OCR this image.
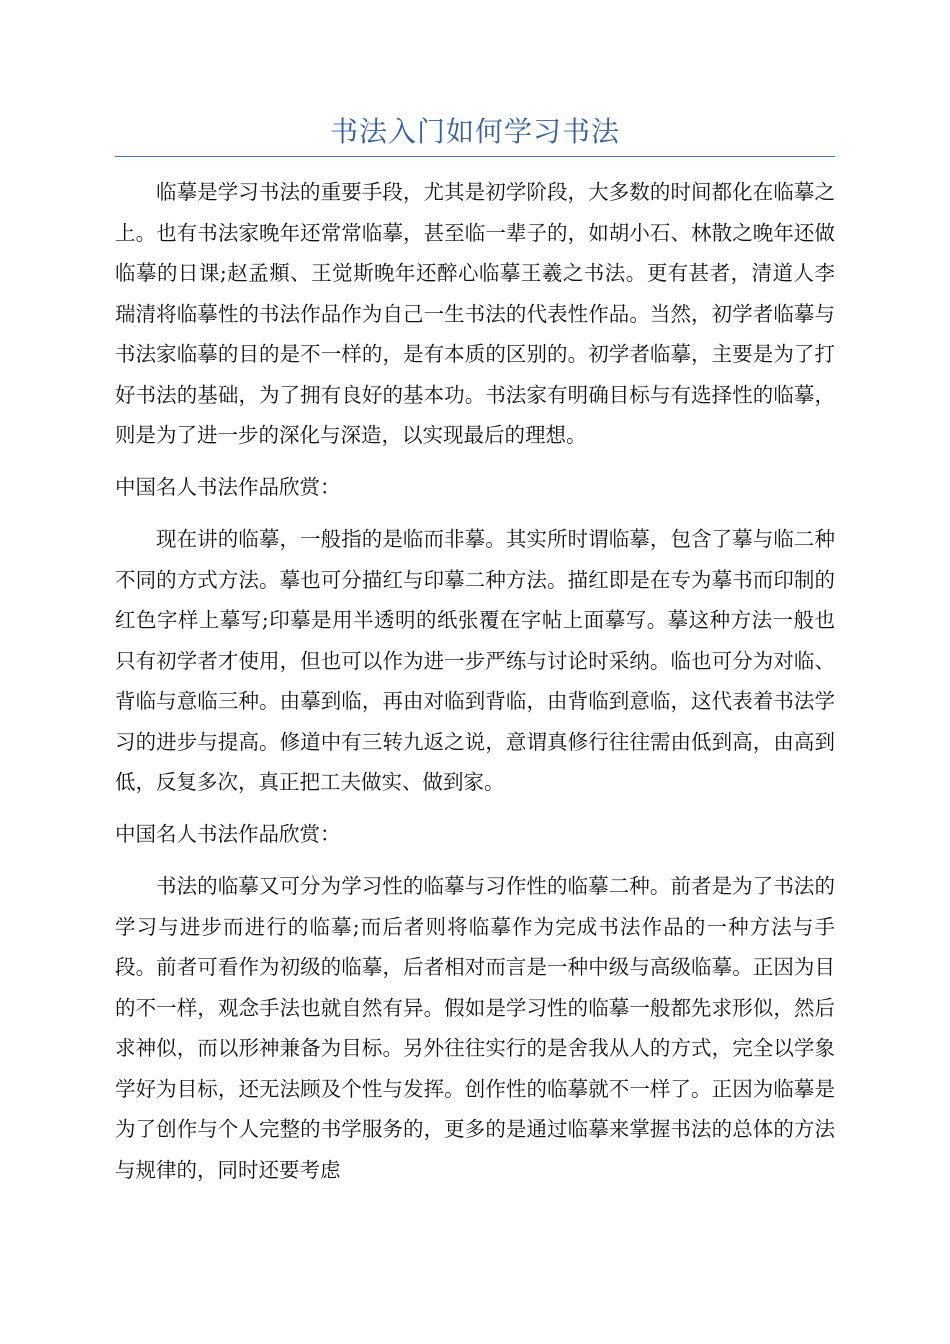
书法入门如何学习书法

临摹是学习书法的重要手段，尤其是初学阶段，大多数的时间都化在临摹之上。也有书法家晚年还常常临摹，甚至临一辈子的，如胡小石、林散之晚年还做临摹的日课;赵孟頫、王觉斯晚年还醉心临摹王羲之书法。更有甚者，清道人李瑞清将临摹性的书法作品作为自己一生书法的代表性作品。当然，初学者临摹与书法家临摹的目的是不一样的，是有本质的区别的。初学者临摹，主要是为了打好书法的基础，为了拥有良好的基本功。书法家有明确目标与有选择性的临摹，则是为了进一步的深化与深造，以实现最后的理想。

中国名人书法作品欣赏：

现在讲的临摹，一般指的是临而非摹。其实所时谓临摹，包含了摹与临二种不同的方式方法。摹也可分描红与印摹二种方法。描红即是在专为摹书而印制的红色字样上摹写;印摹是用半透明的纸张覆在字帖上面摹写。摹这种方法一般也只有初学者才使用，但也可以作为进一步严练与讨论时采纳。临也可分为对临、背临与意临三种。由摹到临，再由对临到背临，由背临到意临，这代表着书法学习的进步与提高。修道中有三转九返之说，意谓真修行往往需由低到高，由高到低，反复多次，真正把工夫做实、做到家。

中国名人书法作品欣赏：

书法的临摹又可分为学习性的临摹与习作性的临摹二种。前者是为了书法的学习与进步而进行的临摹;而后者则将临摹作为完成书法作品的一种方法与手段。前者可看作为初级的临摹，后者相对而言是一种中级与高级临摹。正因为目的不一样，观念手法也就自然有异。假如是学习性的临摹一般都先求形似，然后求神似，而以形神兼备为目标。另外往往实行的是舍我从人的方式，完全以学象学好为目标，还无法顾及个性与发挥。创作性的临摹就不一样了。正因为临摹是为了创作与个人完整的书学服务的，更多的是通过临摹来掌握书法的总体的方法与规律的，同时还要考虑
